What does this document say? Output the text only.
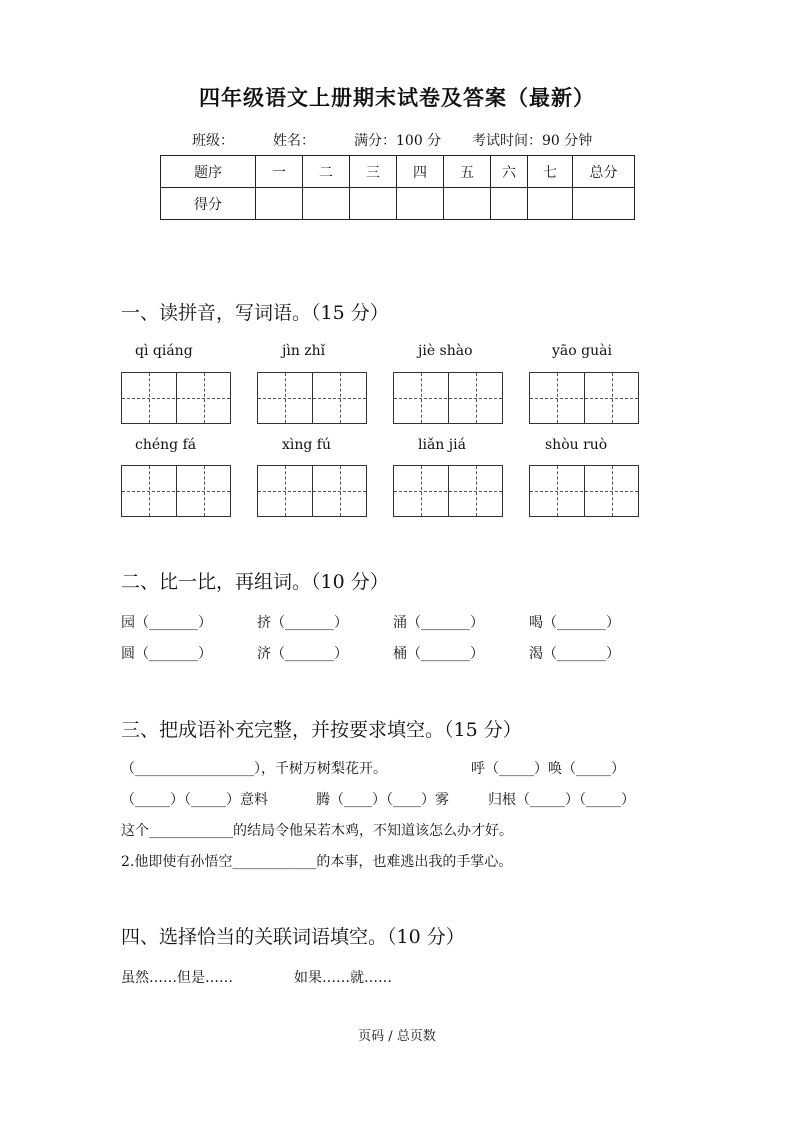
四年级语文上册期末试卷及答案（最新）
班级：	姓名：	满分：100 分 考试时间：90 分钟
题序	一	二	三	四	五	六	七	总分
得分								
一、读拼音，写词语。（15 分）
qì qiáng	jìn zhǐ	jiè shào	yāo guài
chéng fá	xìng fú	liǎn jiá	shòu ruò
二、比一比，再组词。（10 分）
园（_______）	挤（_______）	涌（_______）	喝（_______）
圆（_______）	济（_______）	桶（_______）	渴（_______）
三、把成语补充完整，并按要求填空。（15 分）
（_________________），千树万树梨花开。	呼（_____）唤（_____）
（_____）（_____）意料	腾（____）（____）雾	归根（_____）（_____）
这个____________的结局令他呆若木鸡，不知道该怎么办才好。
2.他即使有孙悟空____________的本事，也难逃出我的手掌心。
四、选择恰当的关联词语填空。（10 分）
虽然……但是……	如果……就……
页码 / 总页数
